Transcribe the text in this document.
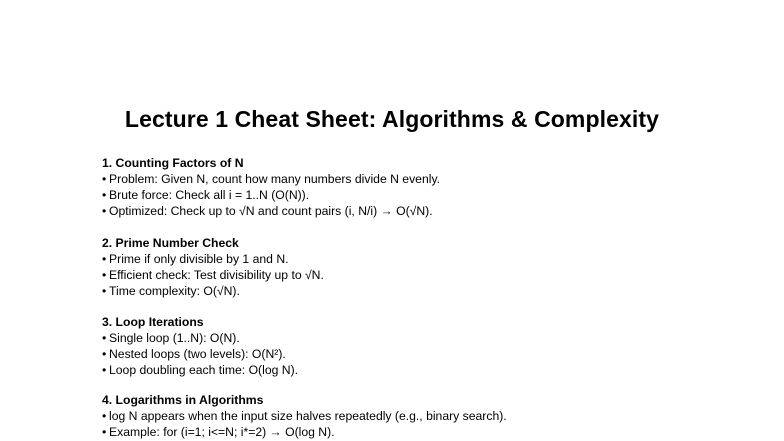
Lecture 1 Cheat Sheet: Algorithms & Complexity
1. Counting Factors of N
• Problem: Given N, count how many numbers divide N evenly.
• Brute force: Check all i = 1..N (O(N)).
• Optimized: Check up to √N and count pairs (i, N/i) → O(√N).
2. Prime Number Check
• Prime if only divisible by 1 and N.
• Efficient check: Test divisibility up to √N.
• Time complexity: O(√N).
3. Loop Iterations
• Single loop (1..N): O(N).
• Nested loops (two levels): O(N²).
• Loop doubling each time: O(log N).
4. Logarithms in Algorithms
• log N appears when the input size halves repeatedly (e.g., binary search).
• Example: for (i=1; i<=N; i*=2) → O(log N).
